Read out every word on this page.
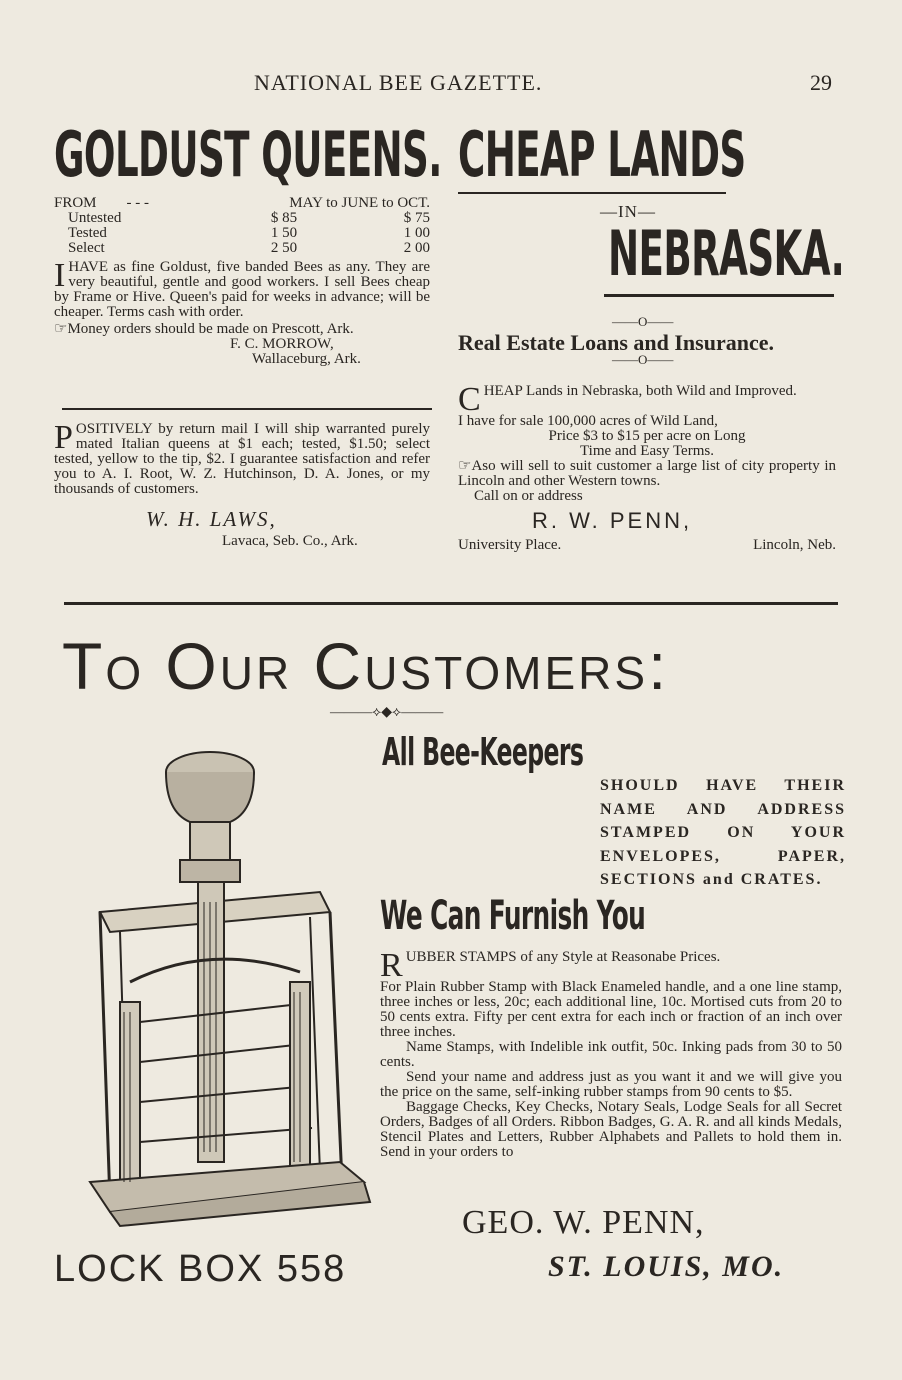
NATIONAL BEE GAZETTE.	29
GOLDUST QUEENS.
FROM - - -	MAY to JUNE to OCT.
Untested	$ 85	$ 75
Tested	1 50	1 00
Select	2 50	2 00
I HAVE as fine Goldust, five banded Bees as any. They are very beautiful, gentle and good workers. I sell Bees cheap by Frame or Hive. Queen's paid for weeks in advance; will be cheaper. Terms cash with order.

☞Money orders should be made on Prescott, Ark.

F. C. MORROW,

Wallaceburg, Ark.

P OSITIVELY by return mail I will ship warranted purely mated Italian queens at $1 each; tested, $1.50; select tested, yellow to the tip, $2. I guarantee satisfaction and refer you to A. I. Root, W. Z. Hutchinson, D. A. Jones, or my thousands of customers.

W. H. LAWS,

Lavaca, Seb. Co., Ark.

CHEAP LANDS
—IN—
NEBRASKA.
——O——
Real Estate Loans and Insurance.
——O——
C HEAP Lands in Nebraska, both Wild and Improved.

I have for sale 100,000 acres of Wild Land,

Price $3 to $15 per acre on Long

Time and Easy Terms.

☞Aso will sell to suit customer a large list of city property in Lincoln and other Western towns.

Call on or address

R. W. PENN,

University Place.	Lincoln, Neb.
To Our Customers:
———⟡◆⟡———
All Bee-Keepers
SHOULD HAVE THEIR NAME AND ADDRESS STAMPED ON YOUR ENVELOPES, PAPER, SECTIONS and CRATES.
We Can Furnish You
R UBBER STAMPS of any Style at Reasonabe Prices.

For Plain Rubber Stamp with Black Enameled handle, and a one line stamp, three inches or less, 20c; each additional line, 10c. Mortised cuts from 20 to 50 cents extra. Fifty per cent extra for each inch or fraction of an inch over three inches.

Name Stamps, with Indelible ink outfit, 50c. Inking pads from 30 to 50 cents.

Send your name and address just as you want it and we will give you the price on the same, self-inking rubber stamps from 90 cents to $5.

Baggage Checks, Key Checks, Notary Seals, Lodge Seals for all Secret Orders, Badges of all Orders. Ribbon Badges, G. A. R. and all kinds Medals, Stencil Plates and Letters, Rubber Alphabets and Pallets to hold them in. Send in your orders to

GEO. W. PENN,
ST. LOUIS, MO.
LOCK BOX 558
